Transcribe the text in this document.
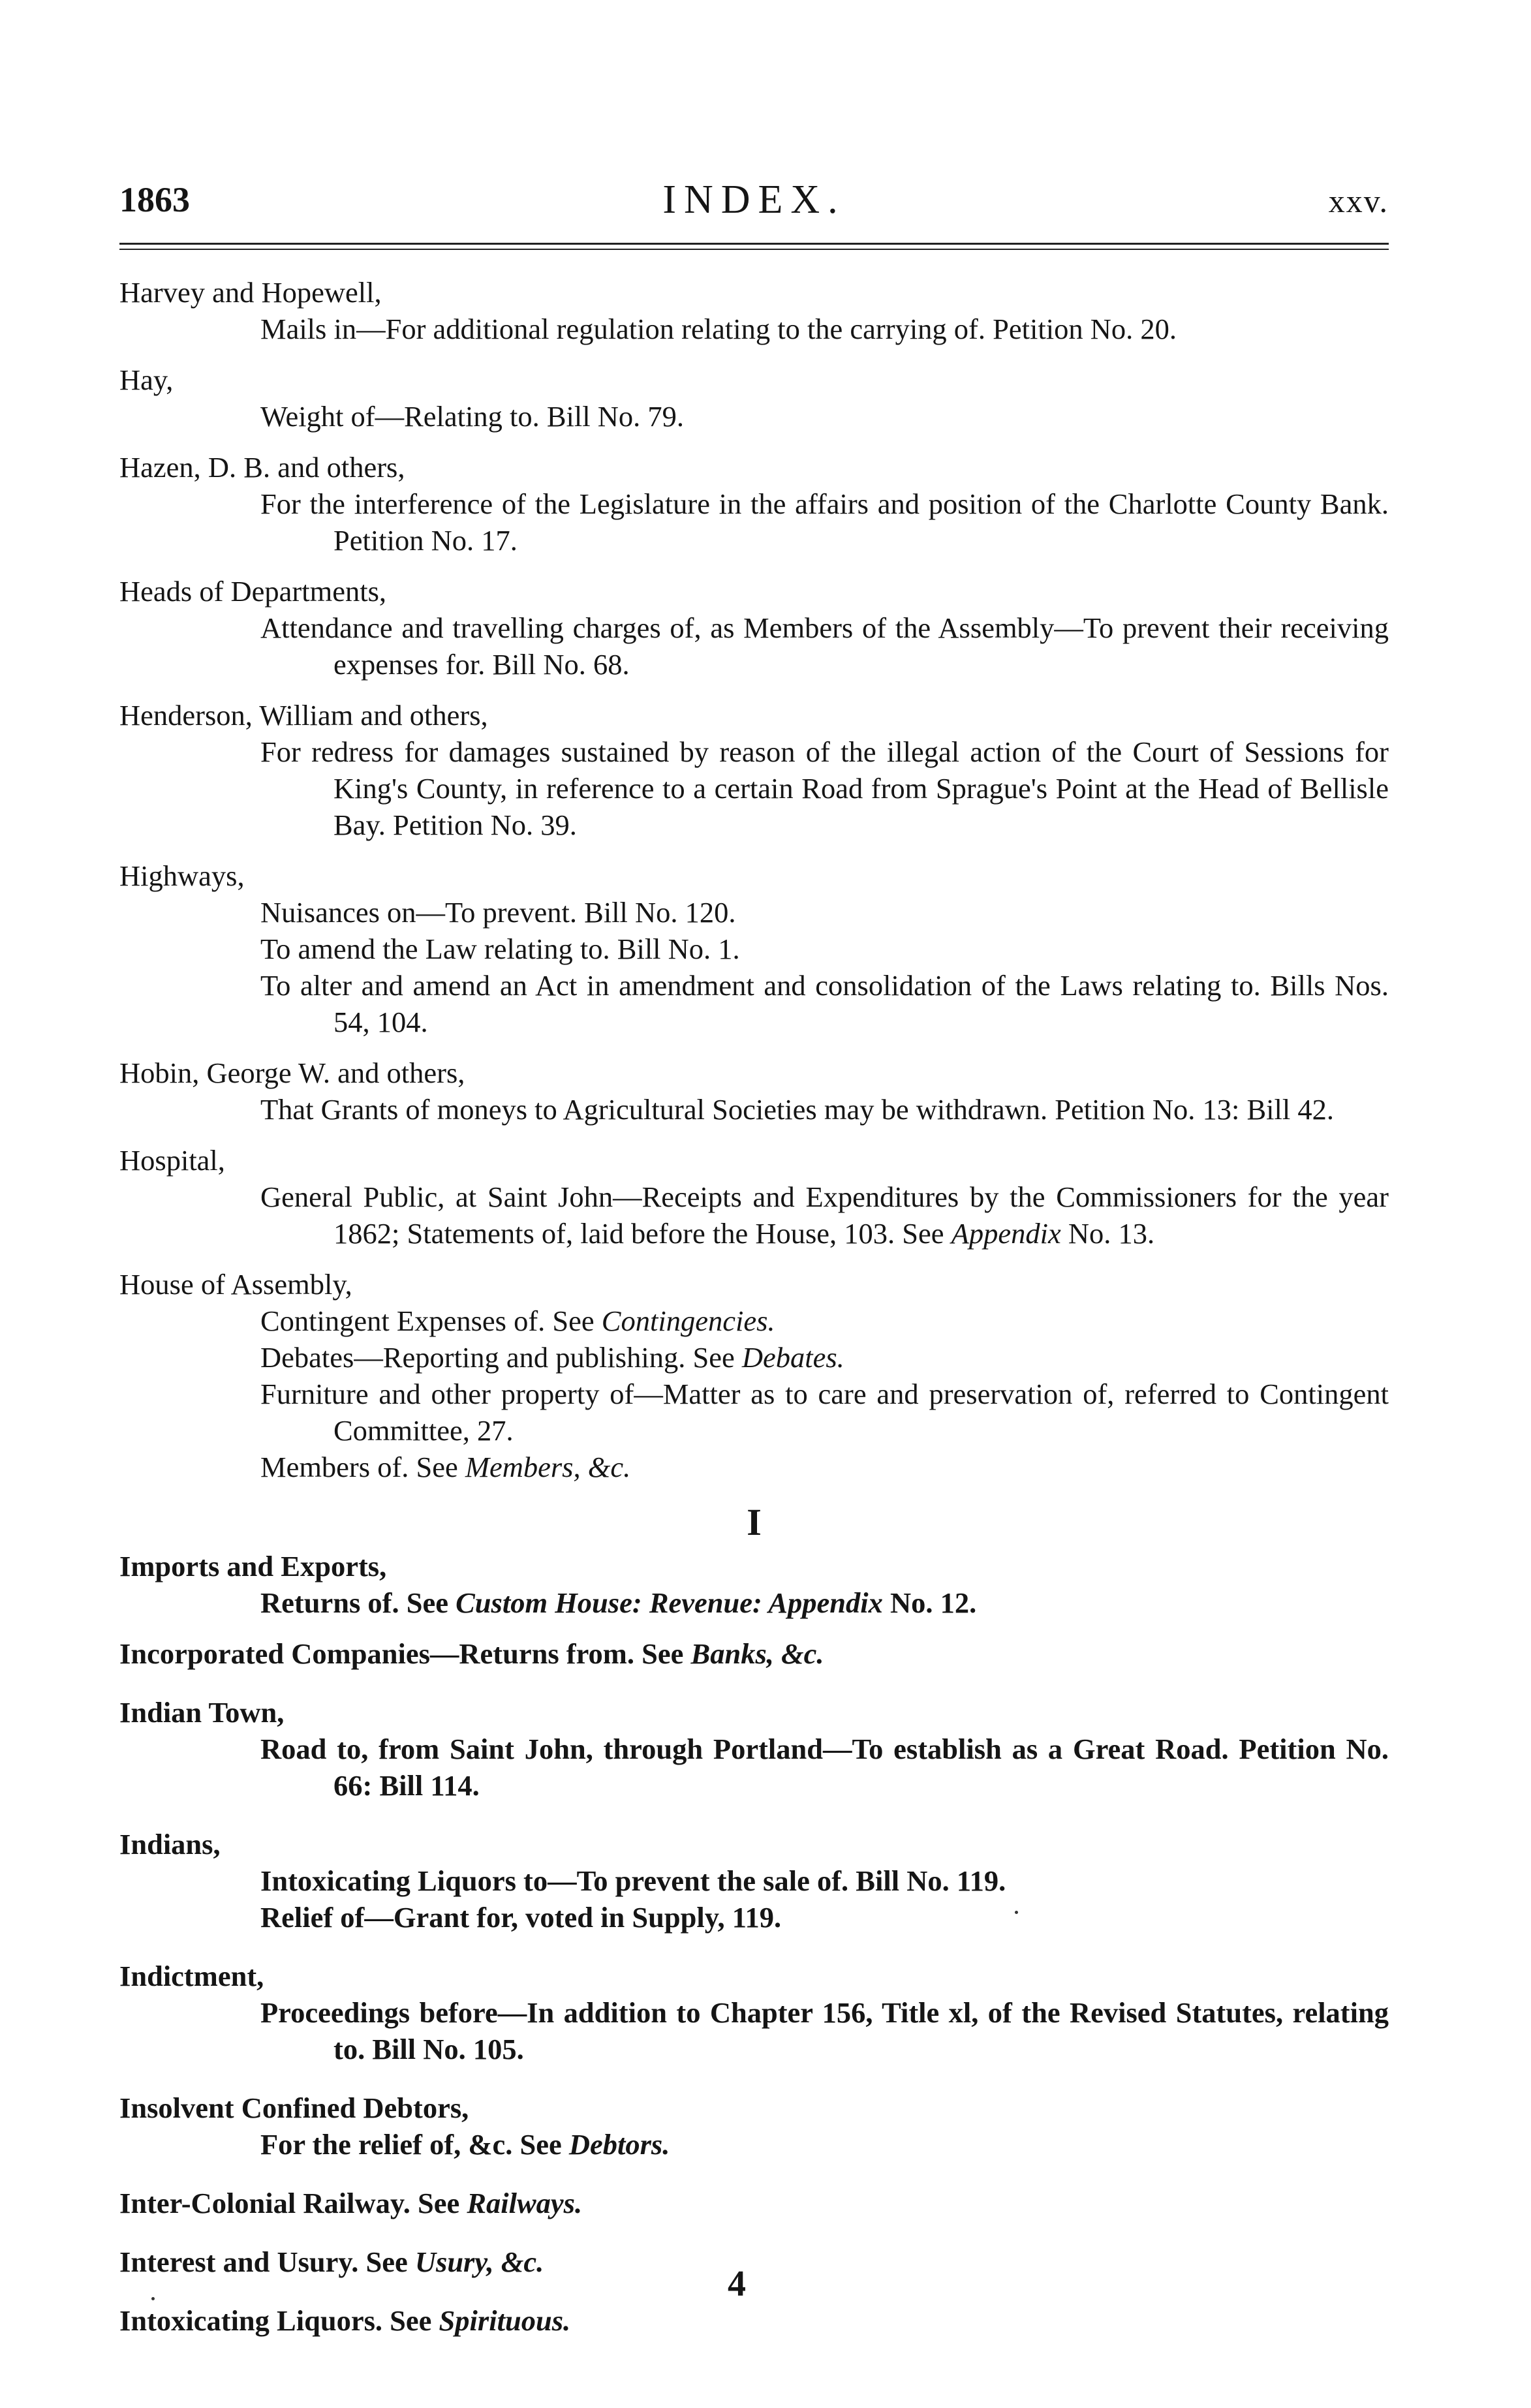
1863	INDEX.	xxv.
Harvey and Hopewell,
Mails in—For additional regulation relating to the carrying of. Petition No. 20.
Hay,
Weight of—Relating to. Bill No. 79.
Hazen, D. B. and others,
For the interference of the Legislature in the affairs and position of the Charlotte County Bank. Petition No. 17.
Heads of Departments,
Attendance and travelling charges of, as Members of the Assembly—To prevent their receiving expenses for. Bill No. 68.
Henderson, William and others,
For redress for damages sustained by reason of the illegal action of the Court of Sessions for King's County, in reference to a certain Road from Sprague's Point at the Head of Bellisle Bay. Petition No. 39.
Highways,
Nuisances on—To prevent. Bill No. 120.
To amend the Law relating to. Bill No. 1.
To alter and amend an Act in amendment and consolidation of the Laws relating to. Bills Nos. 54, 104.
Hobin, George W. and others,
That Grants of moneys to Agricultural Societies may be withdrawn. Petition No. 13: Bill 42.
Hospital,
General Public, at Saint John—Receipts and Expenditures by the Commissioners for the year 1862; Statements of, laid before the House, 103. See Appendix No. 13.
House of Assembly,
Contingent Expenses of. See Contingencies.
Debates—Reporting and publishing. See Debates.
Furniture and other property of—Matter as to care and preservation of, referred to Contingent Committee, 27.
Members of. See Members, &c.
I
Imports and Exports,
Returns of. See Custom House: Revenue: Appendix No. 12.
Incorporated Companies—Returns from. See Banks, &c.
Indian Town,
Road to, from Saint John, through Portland—To establish as a Great Road. Petition No. 66: Bill 114.
Indians,
Intoxicating Liquors to—To prevent the sale of. Bill No. 119.
Relief of—Grant for, voted in Supply, 119.
Indictment,
Proceedings before—In addition to Chapter 156, Title xl, of the Revised Statutes, relating to. Bill No. 105.
Insolvent Confined Debtors,
For the relief of, &c. See Debtors.
Inter-Colonial Railway. See Railways.
Interest and Usury. See Usury, &c.
Intoxicating Liquors. See Spirituous.
4
